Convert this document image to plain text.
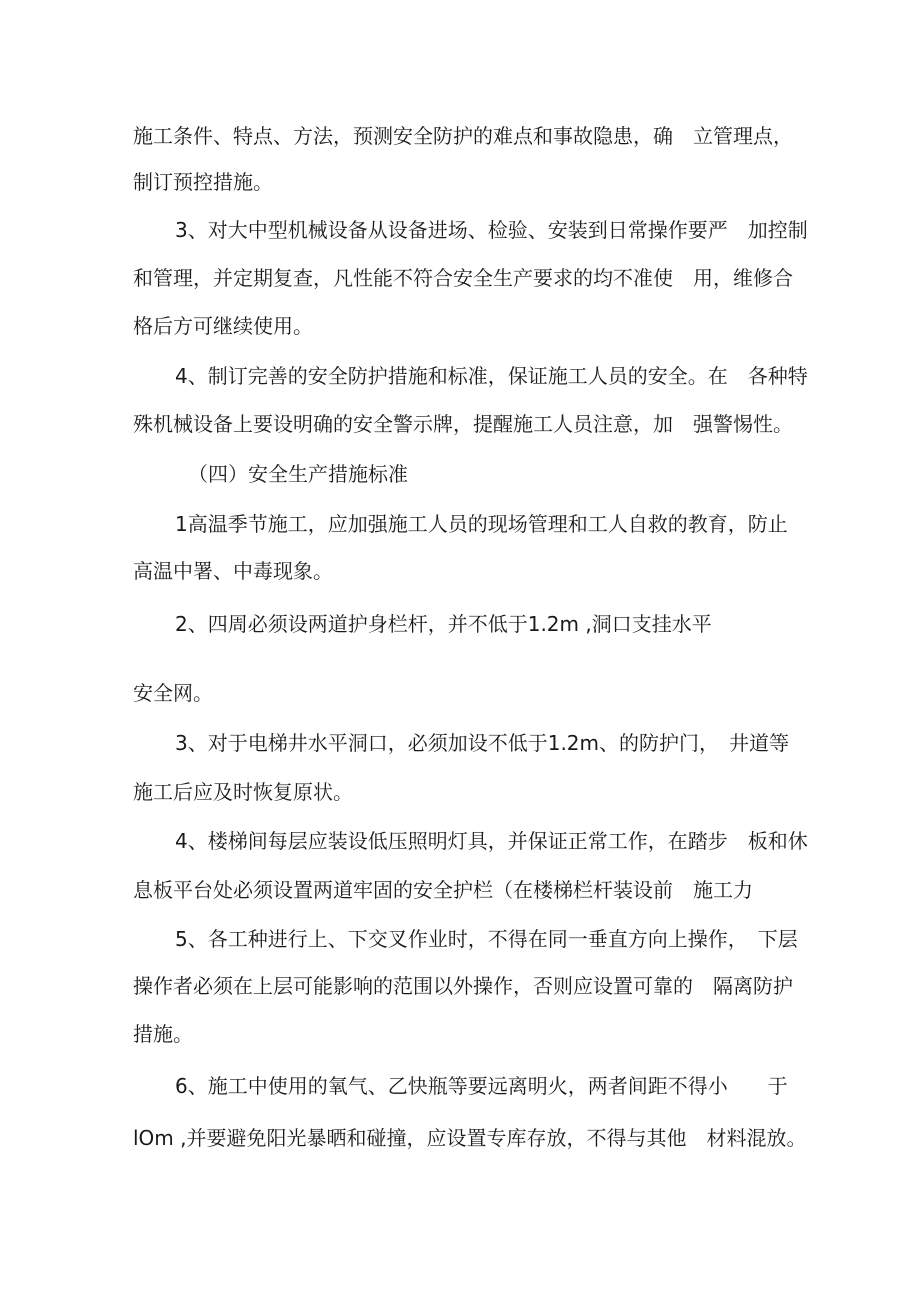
施工条件、特点、方法，预测安全防护的难点和事故隐患，确　立管理点，
制订预控措施。
3、对大中型机械设备从设备进场、检验、安装到日常操作要严　加控制
和管理，并定期复查，凡性能不符合安全生产要求的均不准使　用，维修合
格后方可继续使用。
4、制订完善的安全防护措施和标准，保证施工人员的安全。在　各种特
殊机械设备上要设明确的安全警示牌，提醒施工人员注意，加　强警惕性。
（四）安全生产措施标准
1高温季节施工，应加强施工人员的现场管理和工人自救的教育，防止
高温中署、中毒现象。
2、四周必须设两道护身栏杆，并不低于1.2m ,洞口支挂水平
安全网。
3、对于电梯井水平洞口，必须加设不低于1.2m、的防护门，　井道等
施工后应及时恢复原状。
4、楼梯间每层应装设低压照明灯具，并保证正常工作，在踏步　板和休
息板平台处必须设置两道牢固的安全护栏（在楼梯栏杆装设前　施工力
5、各工种进行上、下交叉作业时，不得在同一垂直方向上操作，　下层
操作者必须在上层可能影响的范围以外操作，否则应设置可靠的　隔离防护
措施。
6、施工中使用的氧气、乙快瓶等要远离明火，两者间距不得小　　于
lOm ,并要避免阳光暴晒和碰撞，应设置专库存放，不得与其他　材料混放。
